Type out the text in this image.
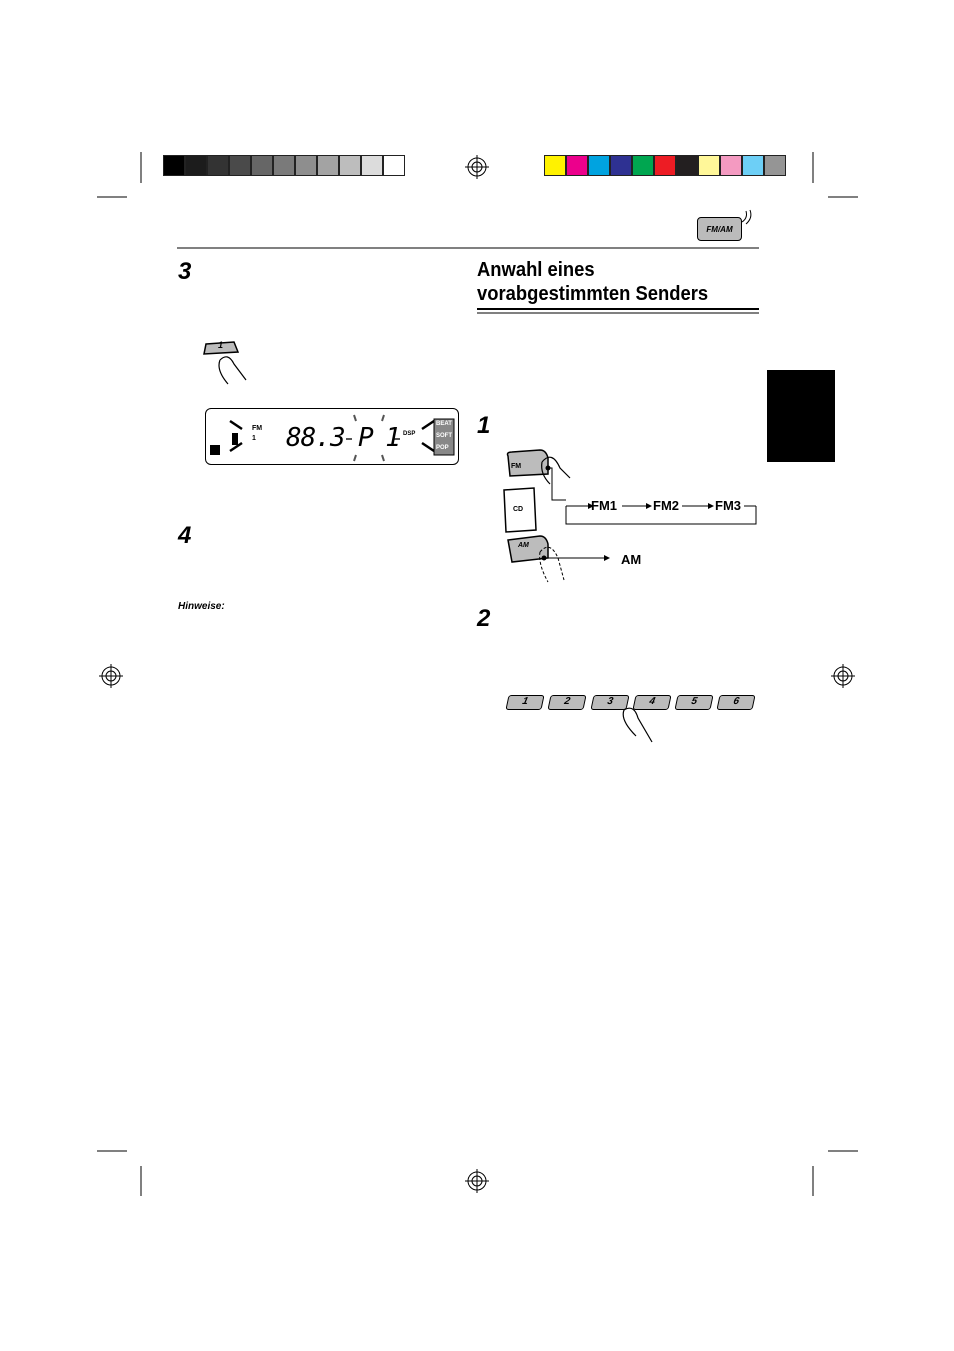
FM/AM
3
1
FM
1 88.3 P 1 DSP
BEAT
SOFT
POP
4
Hinweise:
Anwahl eines
vorabgestimmten Senders
1
FM
CD
AM
FM1	FM2	FM3
AM
2
1	2	3	4	5	6
